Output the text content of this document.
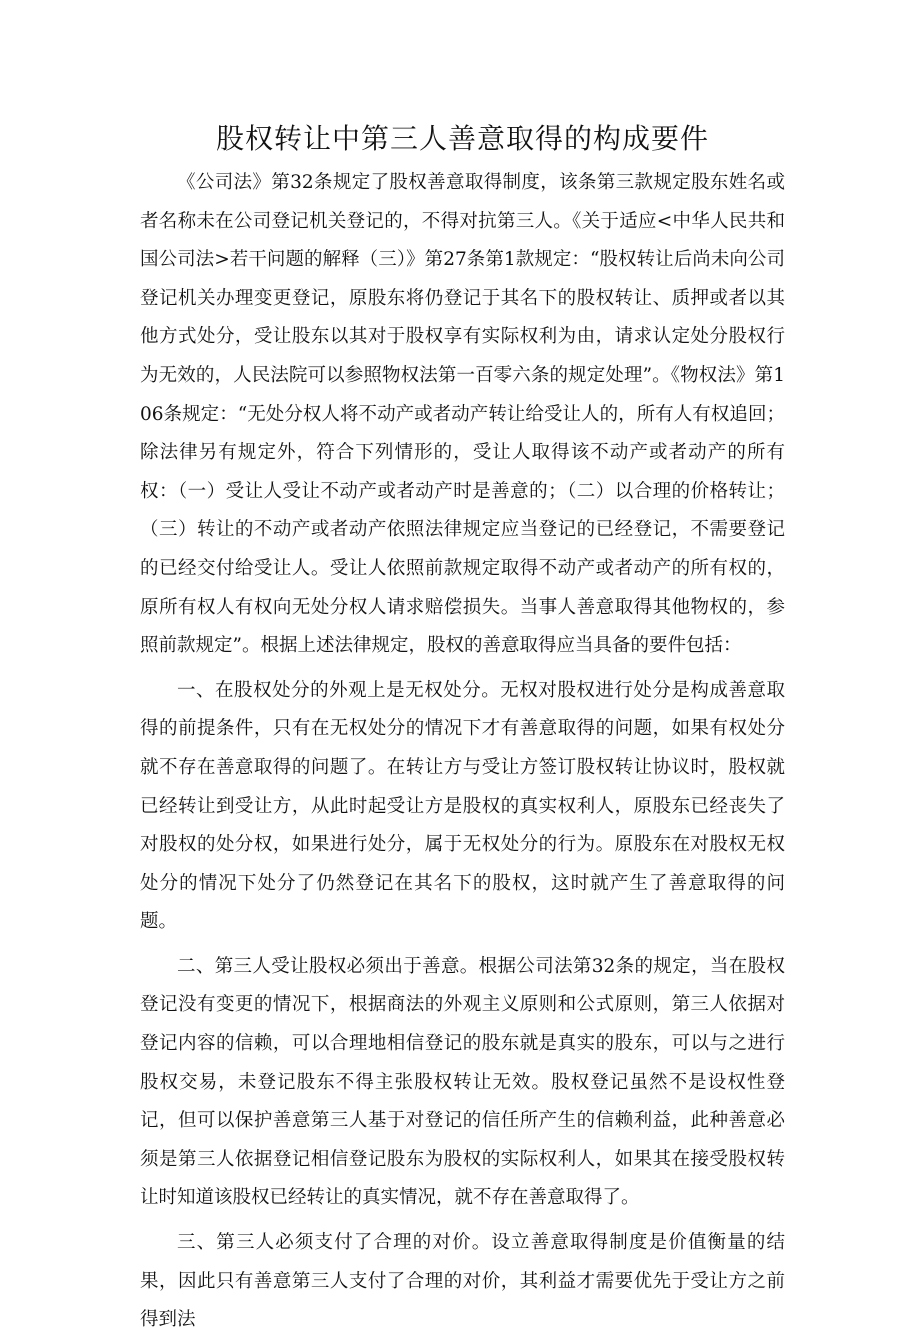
股权转让中第三人善意取得的构成要件

《公司法》第32条规定了股权善意取得制度，该条第三款规定股东姓名或者名称未在公司登记机关登记的，不得对抗第三人。《关于适应<中华人民共和国公司法>若干问题的解释（三）》第27条第1款规定：“股权转让后尚未向公司登记机关办理变更登记，原股东将仍登记于其名下的股权转让、质押或者以其他方式处分，受让股东以其对于股权享有实际权利为由，请求认定处分股权行为无效的，人民法院可以参照物权法第一百零六条的规定处理”。《物权法》第106条规定：“无处分权人将不动产或者动产转让给受让人的，所有人有权追回；除法律另有规定外，符合下列情形的，受让人取得该不动产或者动产的所有权：（一）受让人受让不动产或者动产时是善意的；（二）以合理的价格转让；（三）转让的不动产或者动产依照法律规定应当登记的已经登记，不需要登记的已经交付给受让人。受让人依照前款规定取得不动产或者动产的所有权的，原所有权人有权向无处分权人请求赔偿损失。当事人善意取得其他物权的，参照前款规定”。根据上述法律规定，股权的善意取得应当具备的要件包括：

一、在股权处分的外观上是无权处分。无权对股权进行处分是构成善意取得的前提条件，只有在无权处分的情况下才有善意取得的问题，如果有权处分就不存在善意取得的问题了。在转让方与受让方签订股权转让协议时，股权就已经转让到受让方，从此时起受让方是股权的真实权利人，原股东已经丧失了对股权的处分权，如果进行处分，属于无权处分的行为。原股东在对股权无权处分的情况下处分了仍然登记在其名下的股权，这时就产生了善意取得的问题。

二、第三人受让股权必须出于善意。根据公司法第32条的规定，当在股权登记没有变更的情况下，根据商法的外观主义原则和公式原则，第三人依据对登记内容的信赖，可以合理地相信登记的股东就是真实的股东，可以与之进行股权交易，未登记股东不得主张股权转让无效。股权登记虽然不是设权性登记，但可以保护善意第三人基于对登记的信任所产生的信赖利益，此种善意必须是第三人依据登记相信登记股东为股权的实际权利人，如果其在接受股权转让时知道该股权已经转让的真实情况，就不存在善意取得了。

三、第三人必须支付了合理的对价。设立善意取得制度是价值衡量的结果，因此只有善意第三人支付了合理的对价，其利益才需要优先于受让方之前得到法
